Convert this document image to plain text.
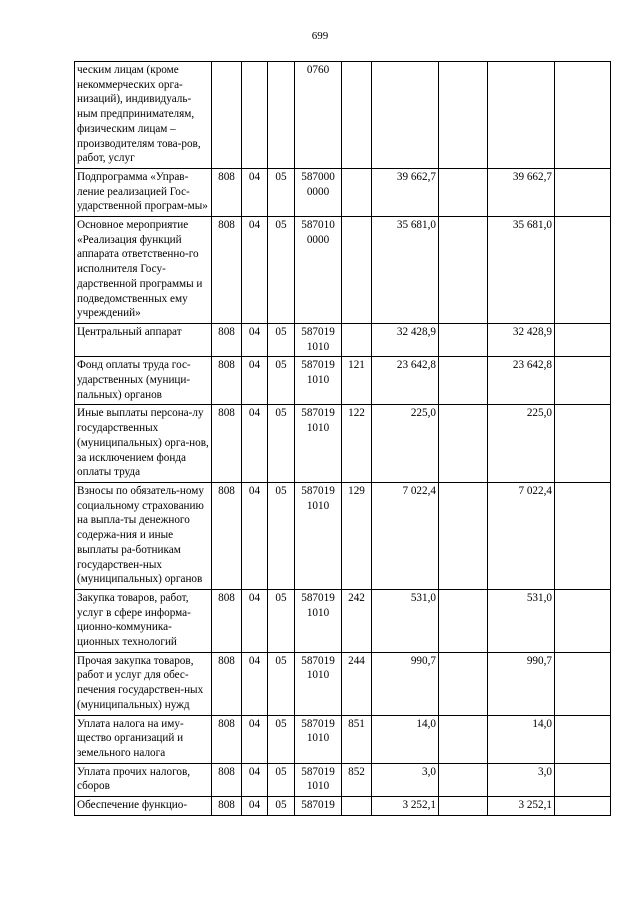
699
ческим лицам (кроме некоммерческих орга-низаций), индивидуаль-ным предпринимателям, физическим лицам – производителям това-ров, работ, услуг				0760					
Подпрограмма «Управ-ление реализацией Гос-ударственной програм-мы»	808	04	05	587000 0000		39 662,7		39 662,7	
Основное мероприятие «Реализация функций аппарата ответственно-го исполнителя Госу-дарственной программы и подведомственных ему учреждений»	808	04	05	587010 0000		35 681,0		35 681,0	
Центральный аппарат	808	04	05	587019 1010		32 428,9		32 428,9	
Фонд оплаты труда гос-ударственных (муници-пальных) органов	808	04	05	587019 1010	121	23 642,8		23 642,8	
Иные выплаты персона-лу государственных (муниципальных) орга-нов, за исключением фонда оплаты труда	808	04	05	587019 1010	122	225,0		225,0	
Взносы по обязатель-ному социальному страхованию на выпла-ты денежного содержа-ния и иные выплаты ра-ботникам государствен-ных (муниципальных) органов	808	04	05	587019 1010	129	7 022,4		7 022,4	
Закупка товаров, работ, услуг в сфере информа-ционно-коммуника-ционных технологий	808	04	05	587019 1010	242	531,0		531,0	
Прочая закупка товаров, работ и услуг для обес-печения государствен-ных (муниципальных) нужд	808	04	05	587019 1010	244	990,7		990,7	
Уплата налога на иму-щество организаций и земельного налога	808	04	05	587019 1010	851	14,0		14,0	
Уплата прочих налогов, сборов	808	04	05	587019 1010	852	3,0		3,0	
Обеспечение функцио-	808	04	05	587019		3 252,1		3 252,1	
